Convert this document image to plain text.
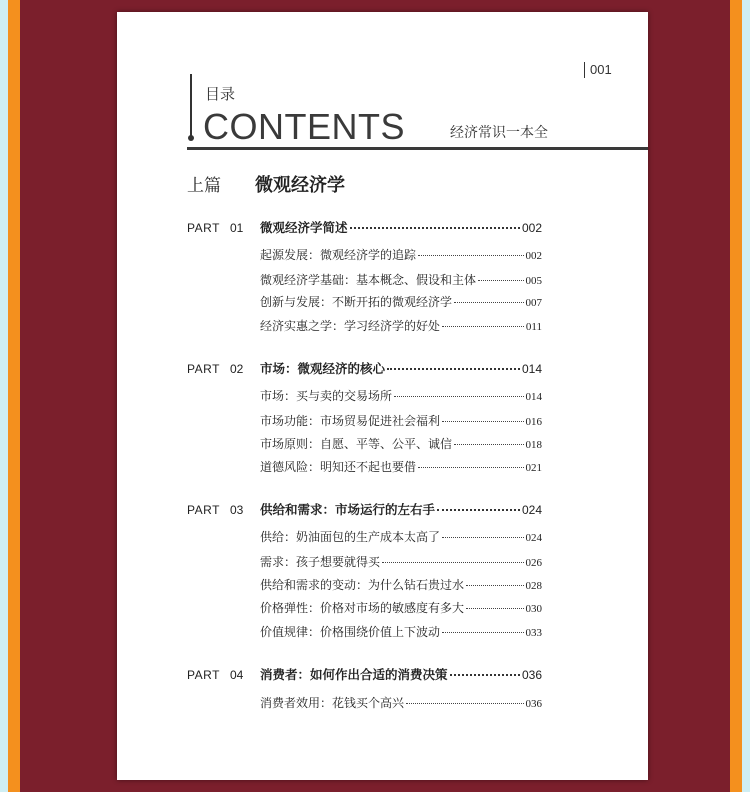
001
目录
CONTENTS	经济常识一本全
上篇 微观经济学
PART 01 微观经济学简述	002
起源发展：微观经济学的追踪	002
微观经济学基础：基本概念、假设和主体	005
创新与发展：不断开拓的微观经济学	007
经济实惠之学：学习经济学的好处	011
PART 02 市场：微观经济的核心	014
市场：买与卖的交易场所	014
市场功能：市场贸易促进社会福利	016
市场原则：自愿、平等、公平、诚信	018
道德风险：明知还不起也要借	021
PART 03 供给和需求：市场运行的左右手	024
供给：奶油面包的生产成本太高了	024
需求：孩子想要就得买	026
供给和需求的变动：为什么钻石贵过水	028
价格弹性：价格对市场的敏感度有多大	030
价值规律：价格围绕价值上下波动	033
PART 04 消费者：如何作出合适的消费决策	036
消费者效用：花钱买个高兴	036
